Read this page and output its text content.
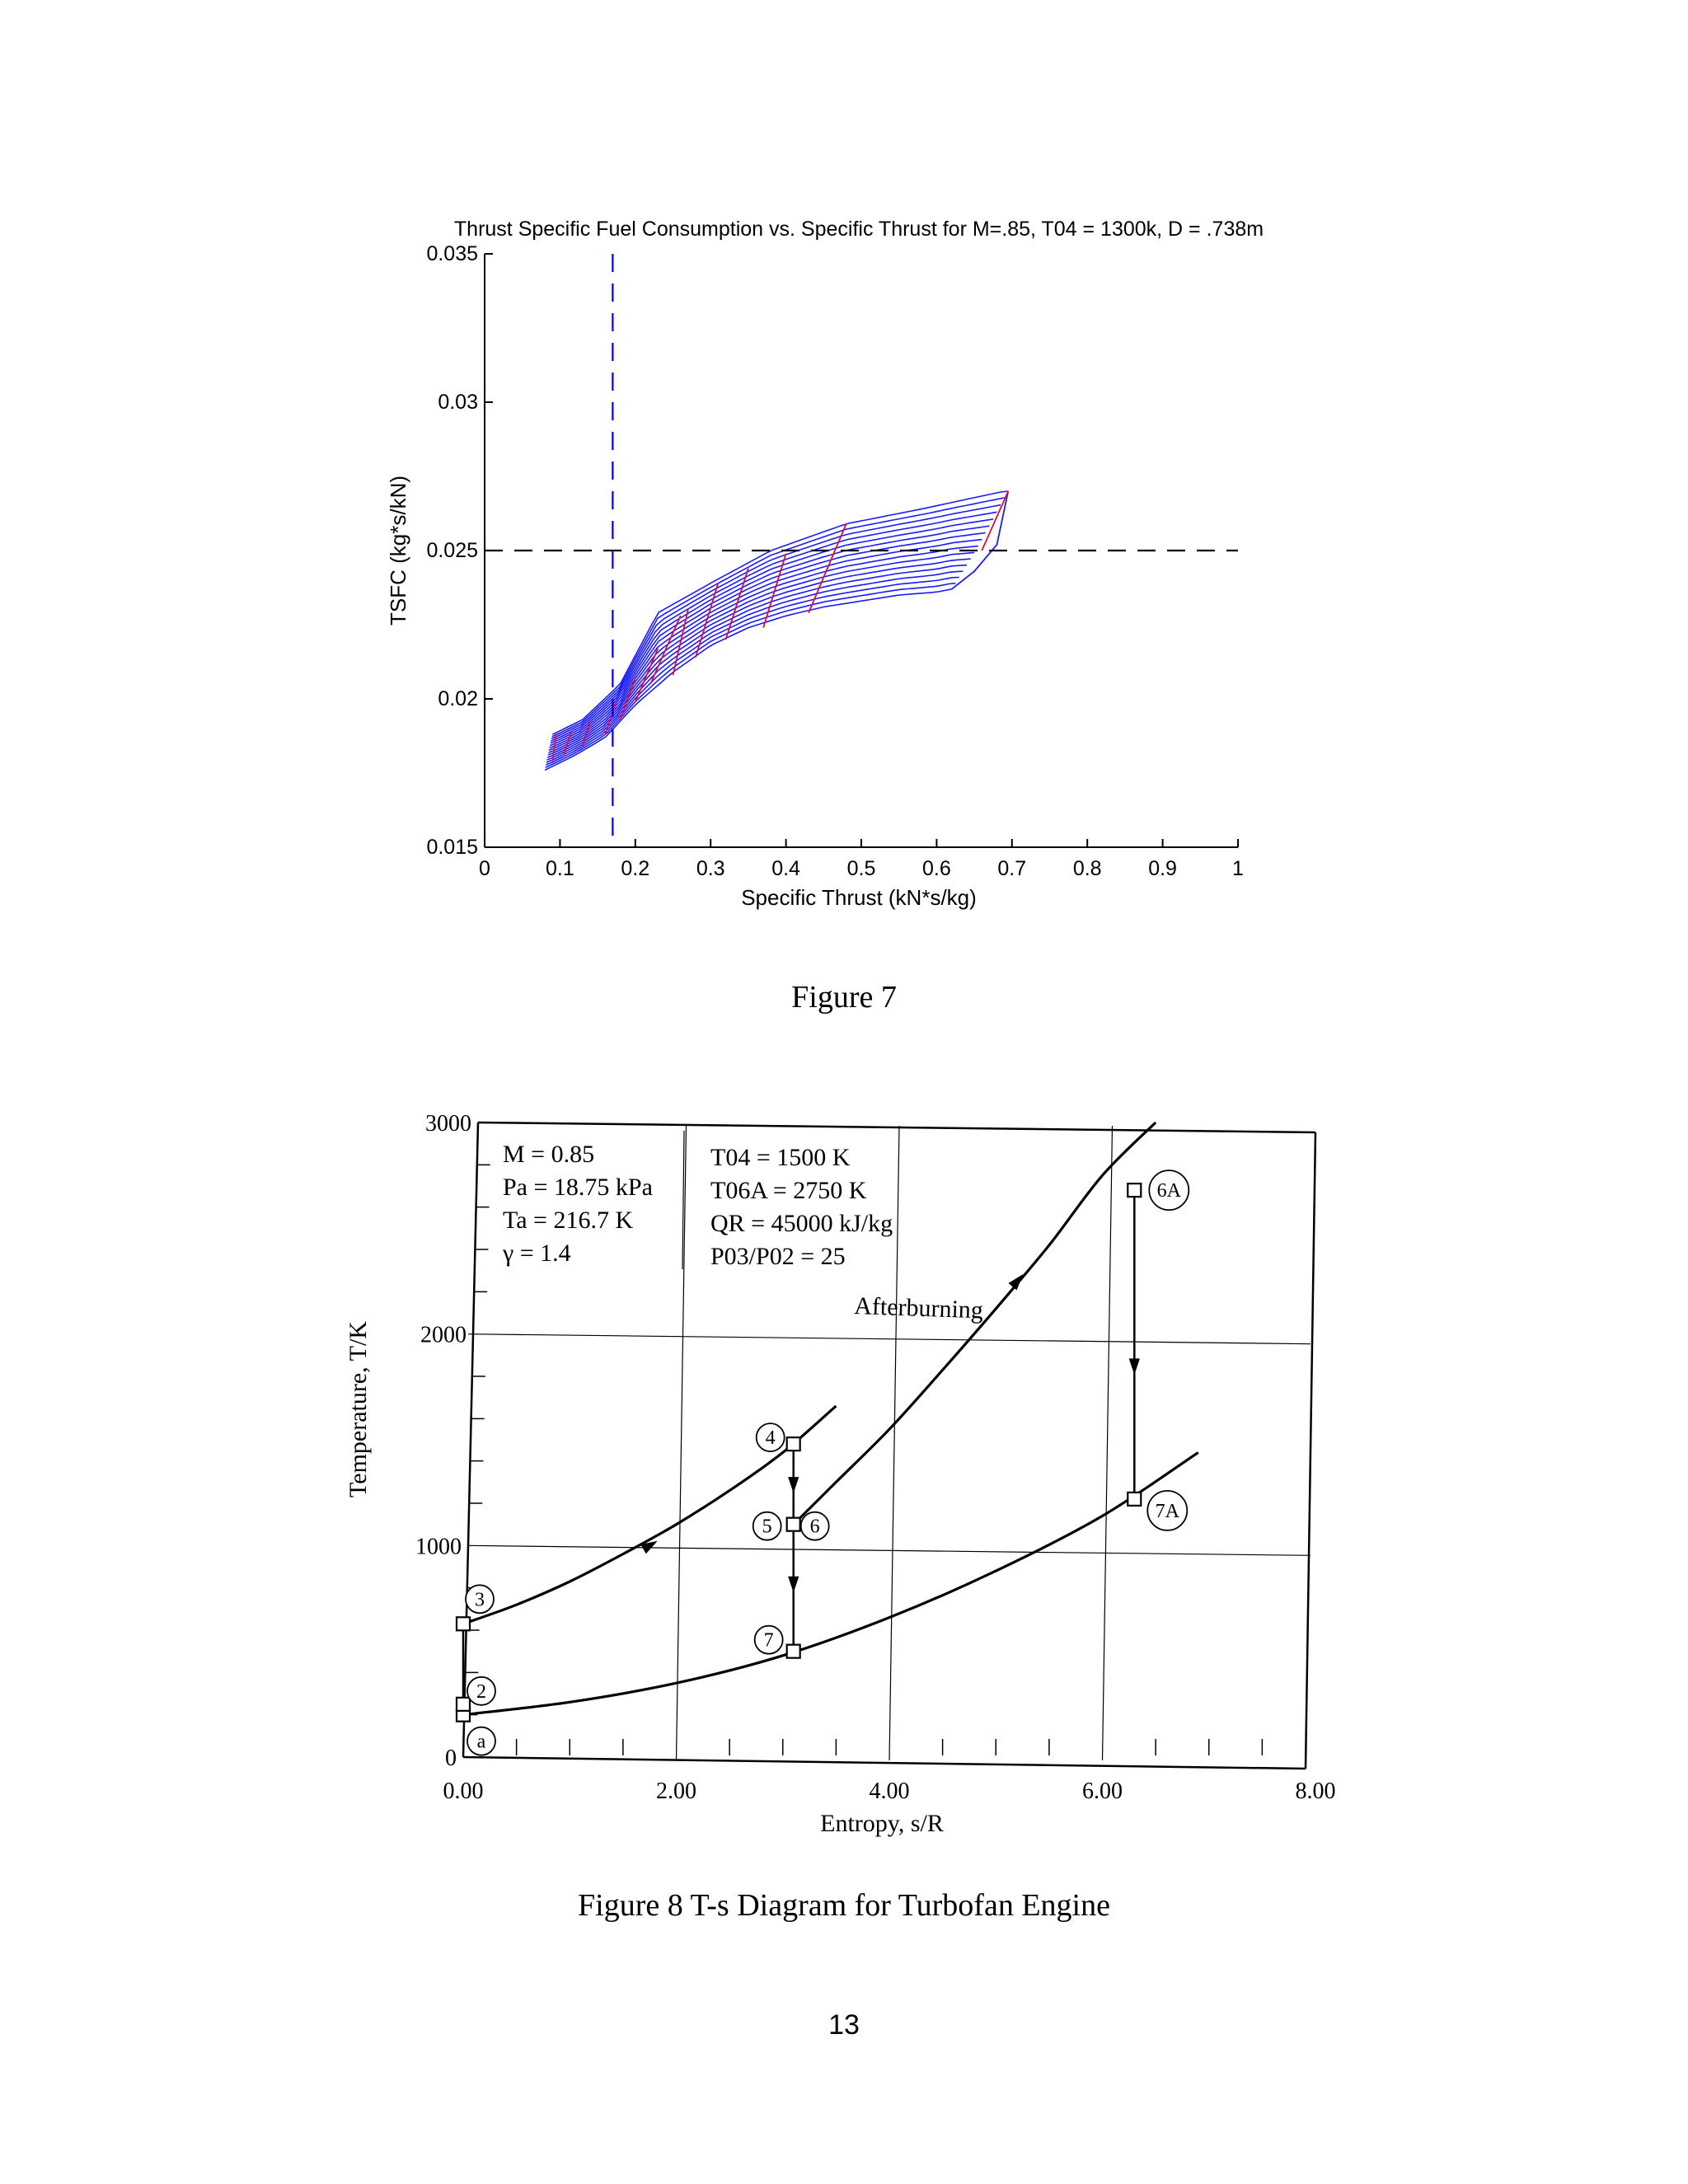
Thrust Specific Fuel Consumption vs. Specific Thrust for M=.85, T04 = 1300k, D = .738m
0	0.1 0.2 0.3 0.4 0.5 0.6 0.7 0.8 0.9	1
0.015
0.02
0.025
0.03
0.035
Specific Thrust (kN*s/kg)
TSFC (kg*s/kN)
Figure 7
0.00	2.00	4.00	6.00	8.00
0
1000
2000
3000
a
2
3
4
5 6
7
6A
7A
M = 0.85
Pa = 18.75 kPa
Ta = 216.7 K
γ = 1.4
T04 = 1500 K
T06A = 2750 K
QR = 45000 kJ/kg
P03/P02 = 25
Afterburning
Entropy, s/R
Temperature, T/K
Figure 8 T-s Diagram for Turbofan Engine
13
